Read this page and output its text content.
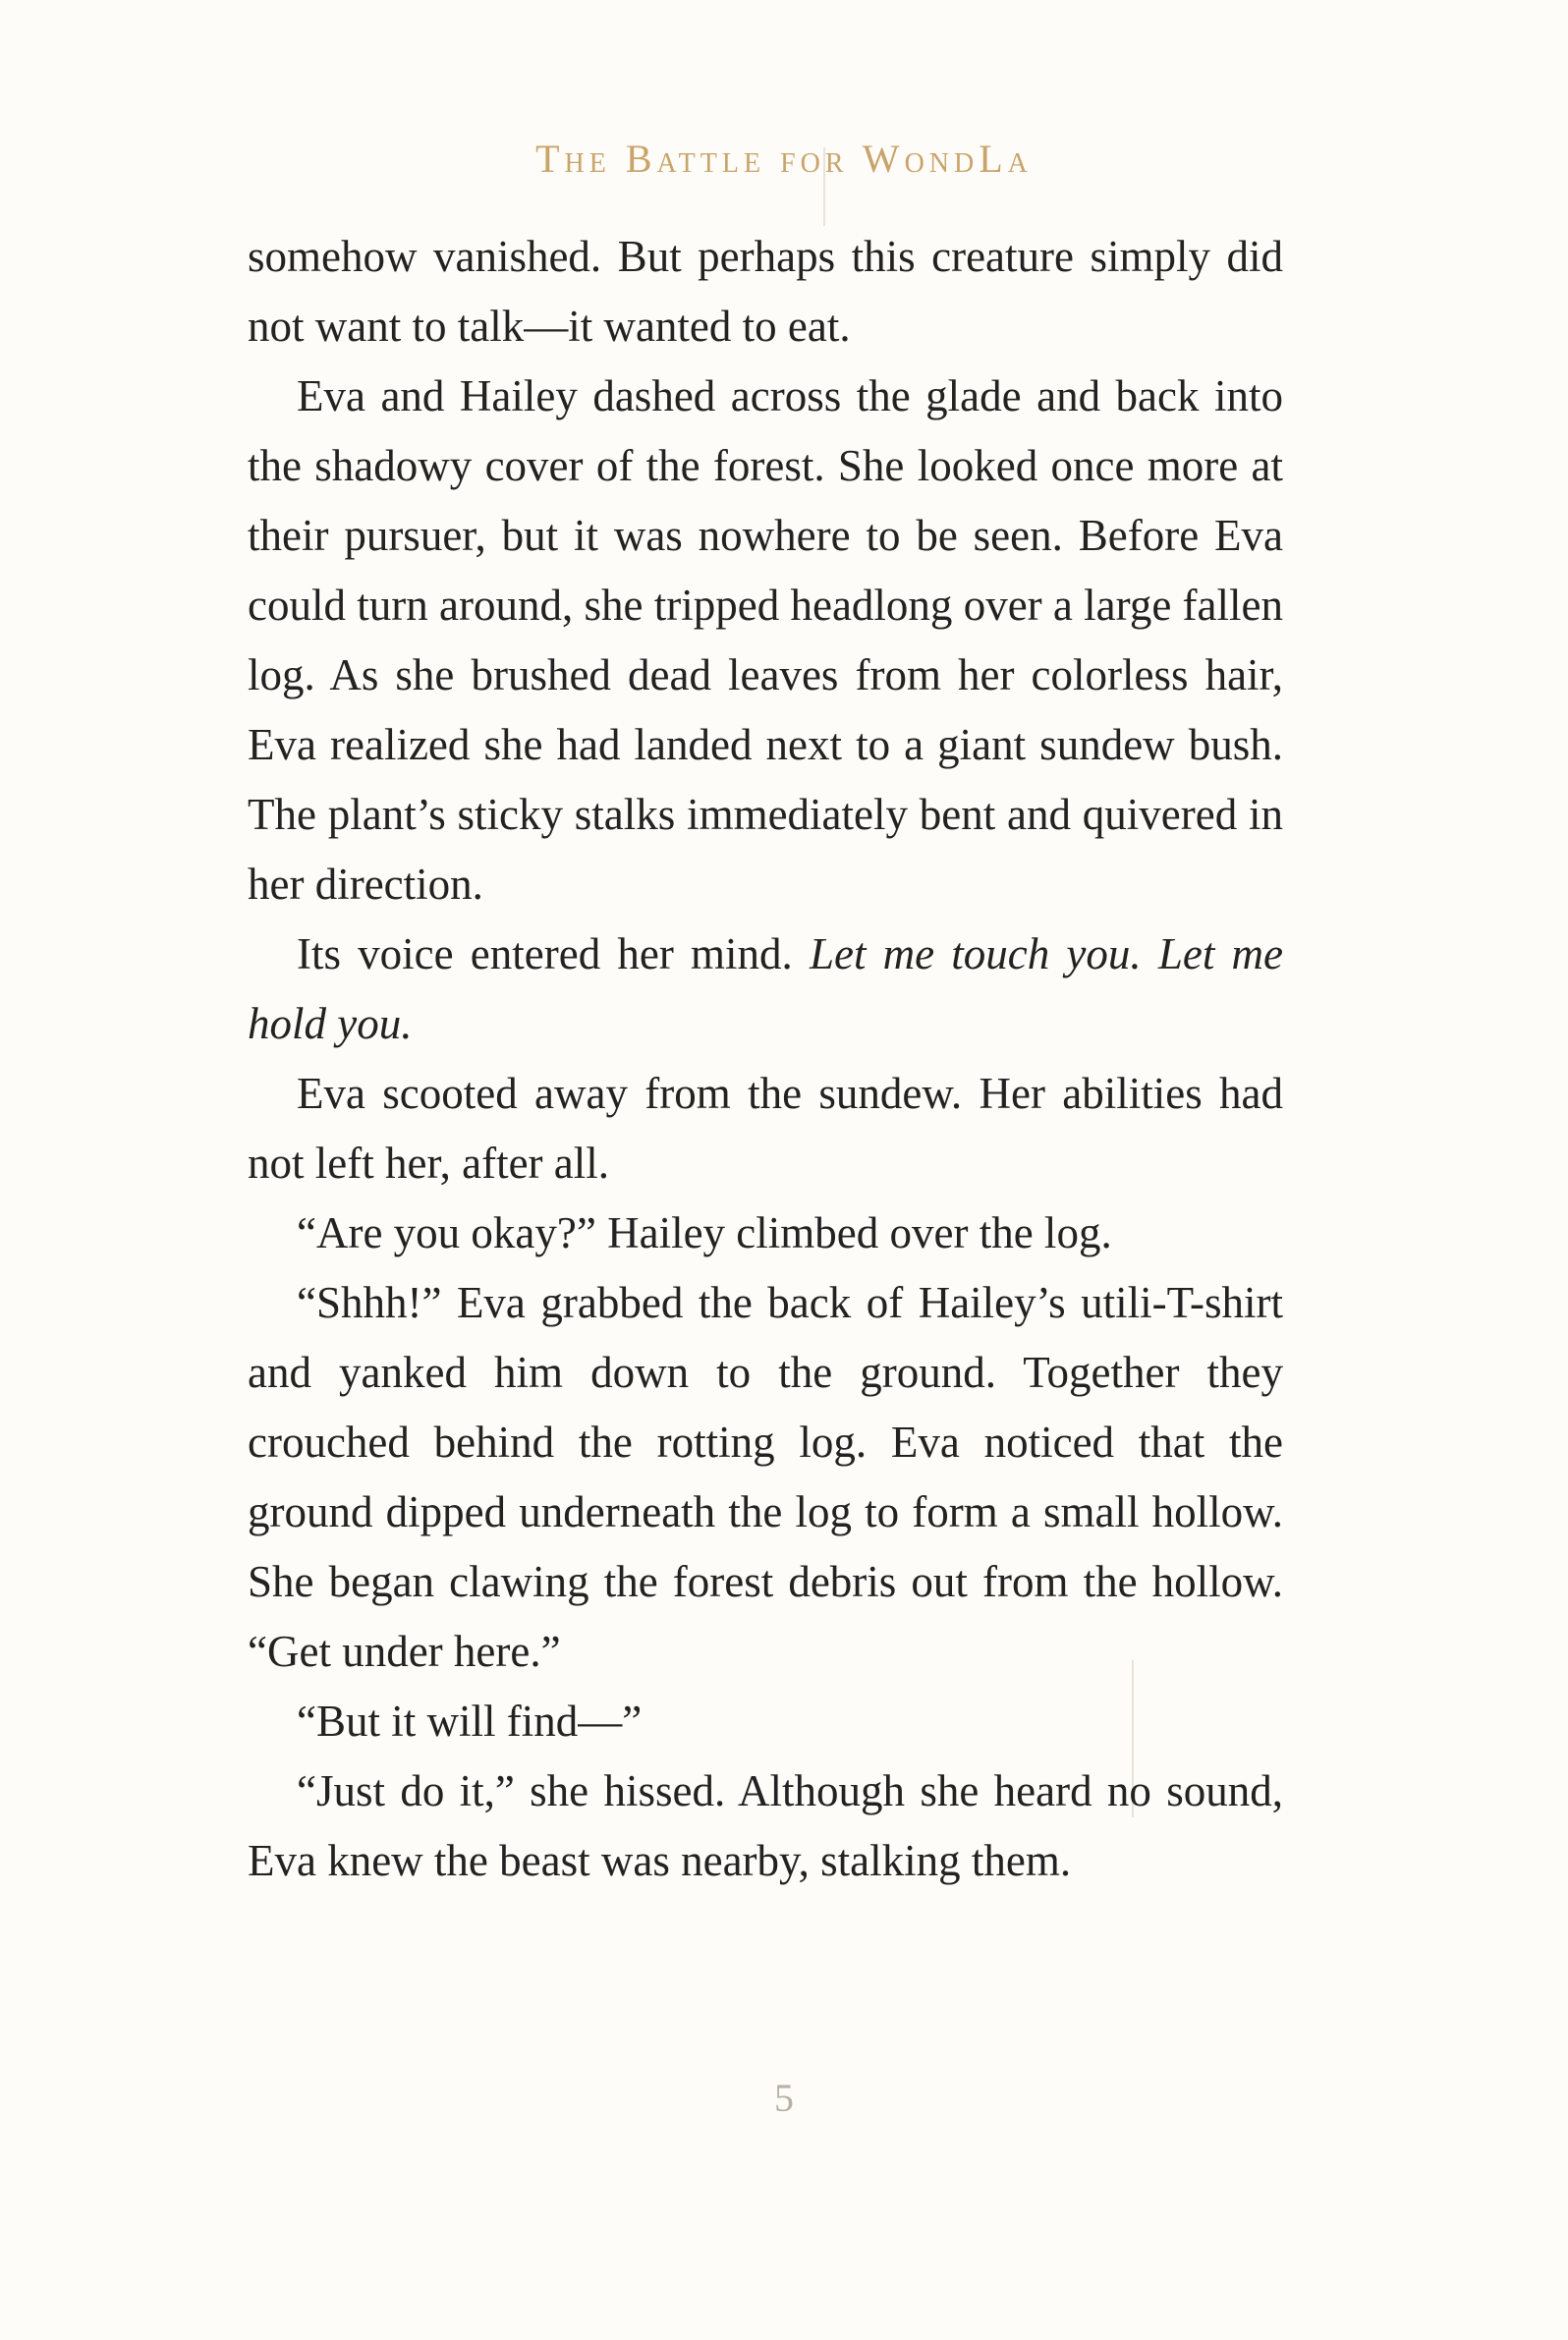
The Battle for WondLa

somehow vanished. But perhaps this creature simply did not want to talk—it wanted to eat.

Eva and Hailey dashed across the glade and back into the shadowy cover of the forest. She looked once more at their pursuer, but it was nowhere to be seen. Before Eva could turn around, she tripped headlong over a large fallen log. As she brushed dead leaves from her colorless hair, Eva realized she had landed next to a giant sundew bush. The plant’s sticky stalks immediately bent and quivered in her direction.

Its voice entered her mind. Let me touch you. Let me hold you.

Eva scooted away from the sundew. Her abilities had not left her, after all.

“Are you okay?” Hailey climbed over the log.

“Shhh!” Eva grabbed the back of Hailey’s utili-T-shirt and yanked him down to the ground. Together they crouched behind the rotting log. Eva noticed that the ground dipped underneath the log to form a small hollow. She began clawing the forest debris out from the hollow. “Get under here.”

“But it will find—”

“Just do it,” she hissed. Although she heard no sound, Eva knew the beast was nearby, stalking them.

5
